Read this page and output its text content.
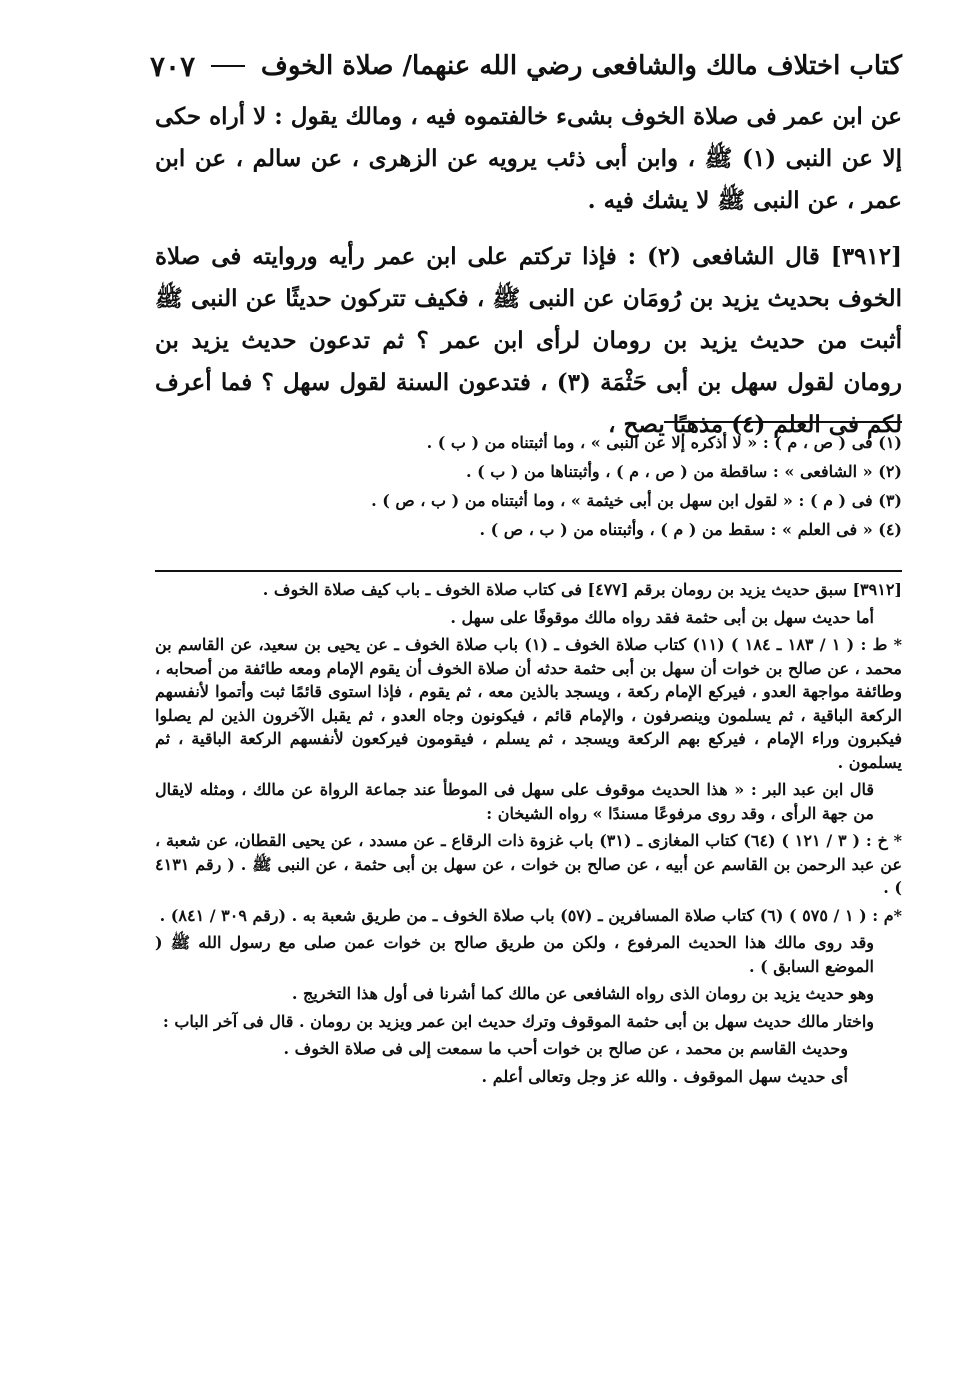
كتاب اختلاف مالك والشافعى رضي الله عنهما/ صلاة الخوف
٧٠٧

عن ابن عمر فى صلاة الخوف بشىء خالفتموه فيه ، ومالك يقول : لا أراه حكى إلا عن النبى (١) ﷺ ، وابن أبى ذئب يرويه عن الزهرى ، عن سالم ، عن ابن عمر ، عن النبى ﷺ لا يشك فيه .

[٣٩١٢] قال الشافعى (٢) : فإذا تركتم على ابن عمر رأيه وروايته فى صلاة الخوف بحديث يزيد بن رُومَان عن النبى ﷺ ، فكيف تتركون حديثًا عن النبى ﷺ أثبت من حديث يزيد بن رومان لرأى ابن عمر ؟ ثم تدعون حديث يزيد بن رومان لقول سهل بن أبى حَثْمَة (٣) ، فتدعون السنة لقول سهل ؟ فما أعرف لكم فى العلم (٤) مذهبًا يصح ،

(١) فى ( ص ، م ) : « لا أذكره إلا عن النبى » ، وما أثبتناه من ( ب ) .

(٢) « الشافعى » : ساقطة من ( ص ، م ) ، وأثبتناها من ( ب ) .

(٣) فى ( م ) : « لقول ابن سهل بن أبى خيثمة » ، وما أثبتناه من ( ب ، ص ) .

(٤) « فى العلم » : سقط من ( م ) ، وأثبتناه من ( ب ، ص ) .

[٣٩١٢] سبق حديث يزيد بن رومان برقم [٤٧٧] فى كتاب صلاة الخوف ـ باب كيف صلاة الخوف .

أما حديث سهل بن أبى حثمة فقد رواه مالك موقوفًا على سهل .

* ط : ( ١ / ١٨٣ ـ ١٨٤ ) (١١) كتاب صلاة الخوف ـ (١) باب صلاة الخوف ـ عن يحيى بن سعيد، عن القاسم بن محمد ، عن صالح بن خوات أن سهل بن أبى حثمة حدثه أن صلاة الخوف أن يقوم الإمام ومعه طائفة من أصحابه ، وطائفة مواجهة العدو ، فيركع الإمام ركعة ، ويسجد بالذين معه ، ثم يقوم ، فإذا استوى قائمًا ثبت وأتموا لأنفسهم الركعة الباقية ، ثم يسلمون وينصرفون ، والإمام قائم ، فيكونون وجاه العدو ، ثم يقبل الآخرون الذين لم يصلوا فيكبرون وراء الإمام ، فيركع بهم الركعة ويسجد ، ثم يسلم ، فيقومون فيركعون لأنفسهم الركعة الباقية ، ثم يسلمون .

قال ابن عبد البر : « هذا الحديث موقوف على سهل فى الموطأ عند جماعة الرواة عن مالك ، ومثله لايقال من جهة الرأى ، وقد روى مرفوعًا مسندًا » رواه الشيخان :

* خ : ( ٣ / ١٢١ ) (٦٤) كتاب المغازى ـ (٣١) باب غزوة ذات الرقاع ـ عن مسدد ، عن يحيى القطان، عن شعبة ، عن عبد الرحمن بن القاسم عن أبيه ، عن صالح بن خوات ، عن سهل بن أبى حثمة ، عن النبى ﷺ . ( رقم ٤١٣١ ) .

*م : ( ١ / ٥٧٥ ) (٦) كتاب صلاة المسافرين ـ (٥٧) باب صلاة الخوف ـ من طريق شعبة به . (رقم ٣٠٩ / ٨٤١) .

وقد روى مالك هذا الحديث المرفوع ، ولكن من طريق صالح بن خوات عمن صلى مع رسول الله ﷺ ( الموضع السابق ) .

وهو حديث يزيد بن رومان الذى رواه الشافعى عن مالك كما أشرنا فى أول هذا التخريج .

واختار مالك حديث سهل بن أبى حثمة الموقوف وترك حديث ابن عمر ويزيد بن رومان . قال فى آخر الباب :

وحديث القاسم بن محمد ، عن صالح بن خوات أحب ما سمعت إلى فى صلاة الخوف .

أى حديث سهل الموقوف . والله عز وجل وتعالى أعلم .
